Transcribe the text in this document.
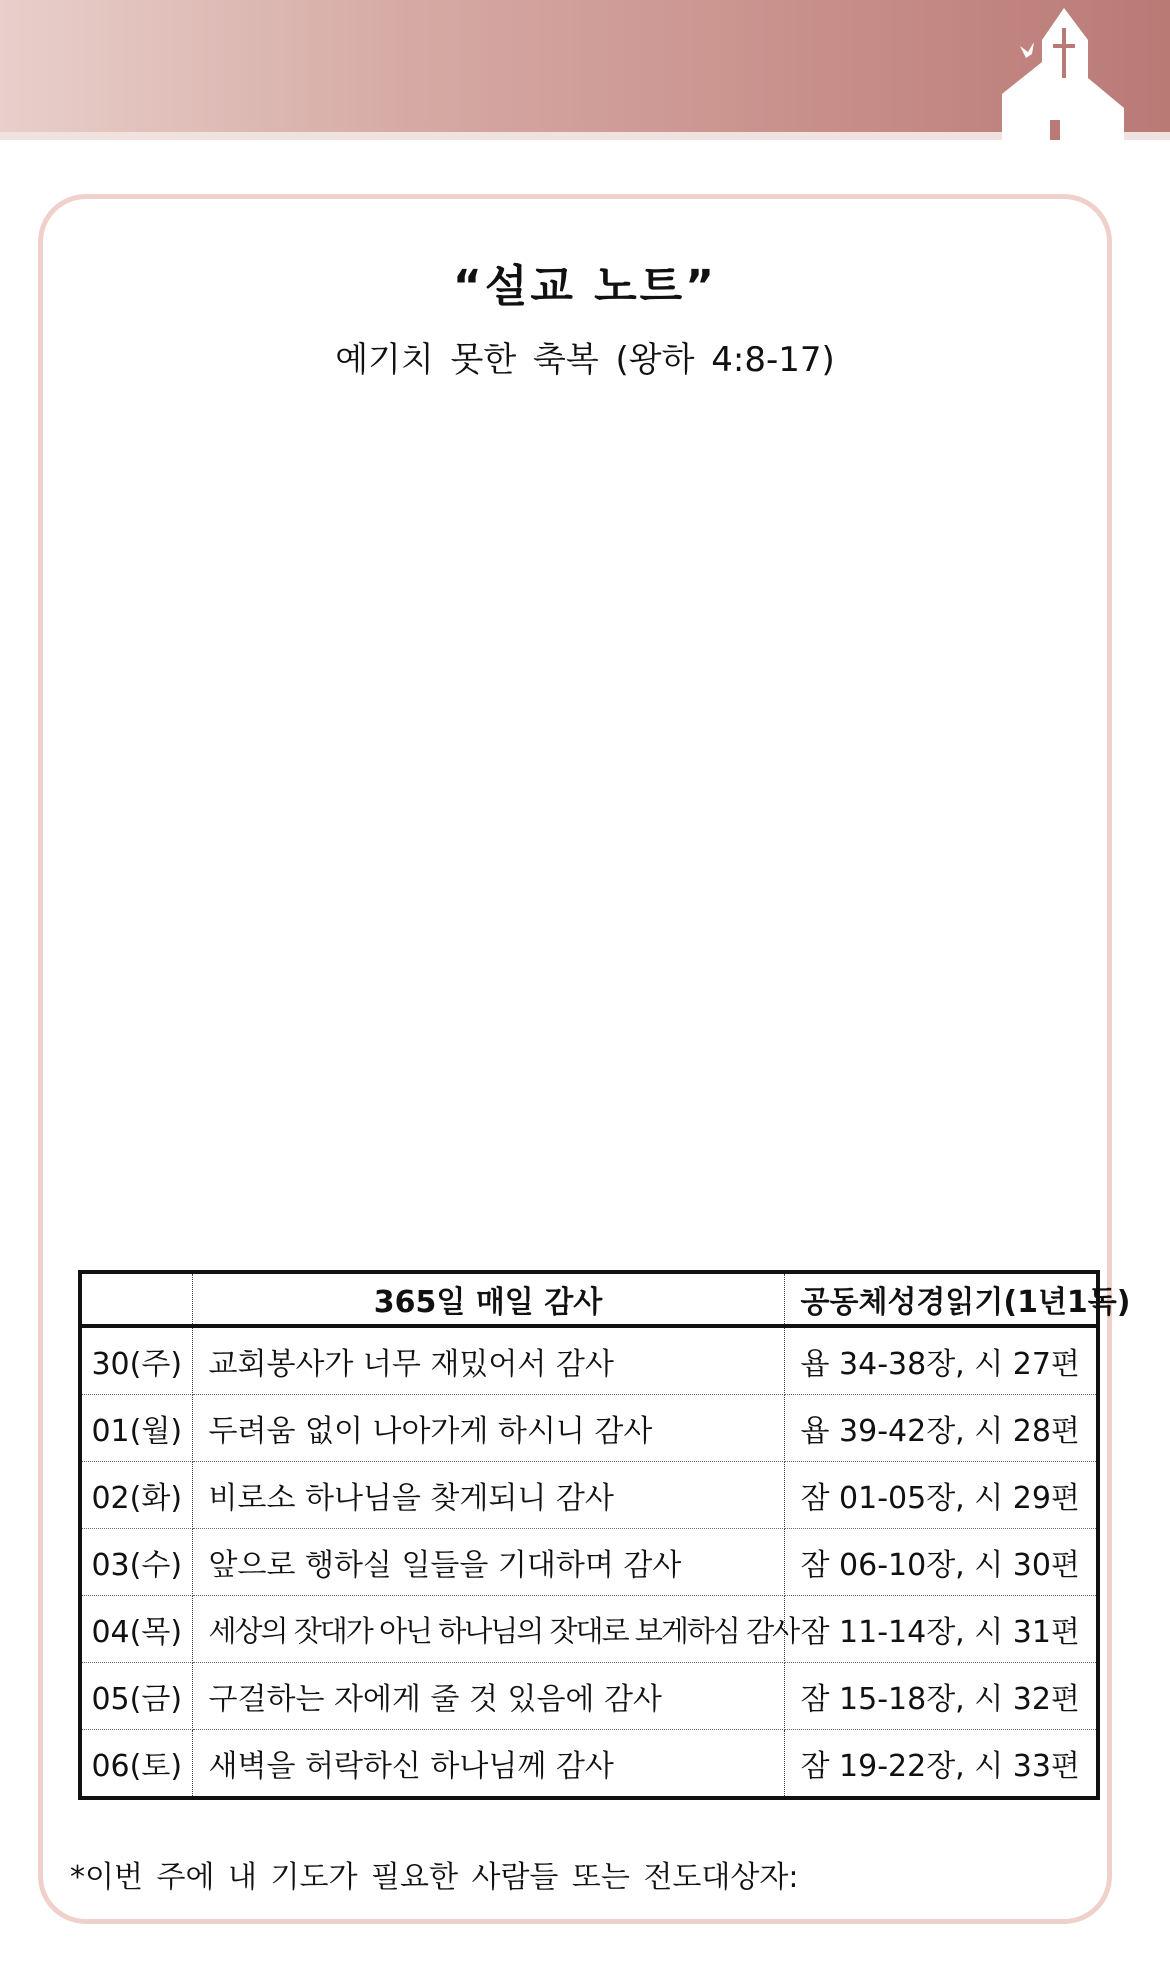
“설교 노트”
예기치 못한 축복 (왕하 4:8-17)
	365일 매일 감사	공동체성경읽기(1년1독)
30(주)	교회봉사가 너무 재밌어서 감사	욥 34-38장, 시 27편
01(월)	두려움 없이 나아가게 하시니 감사	욥 39-42장, 시 28편
02(화)	비로소 하나님을 찾게되니 감사	잠 01-05장, 시 29편
03(수)	앞으로 행하실 일들을 기대하며 감사	잠 06-10장, 시 30편
04(목)	세상의 잣대가 아닌 하나님의 잣대로 보게하심 감사	잠 11-14장, 시 31편
05(금)	구걸하는 자에게 줄 것 있음에 감사	잠 15-18장, 시 32편
06(토)	새벽을 허락하신 하나님께 감사	잠 19-22장, 시 33편
*이번 주에 내 기도가 필요한 사람들 또는 전도대상자:
